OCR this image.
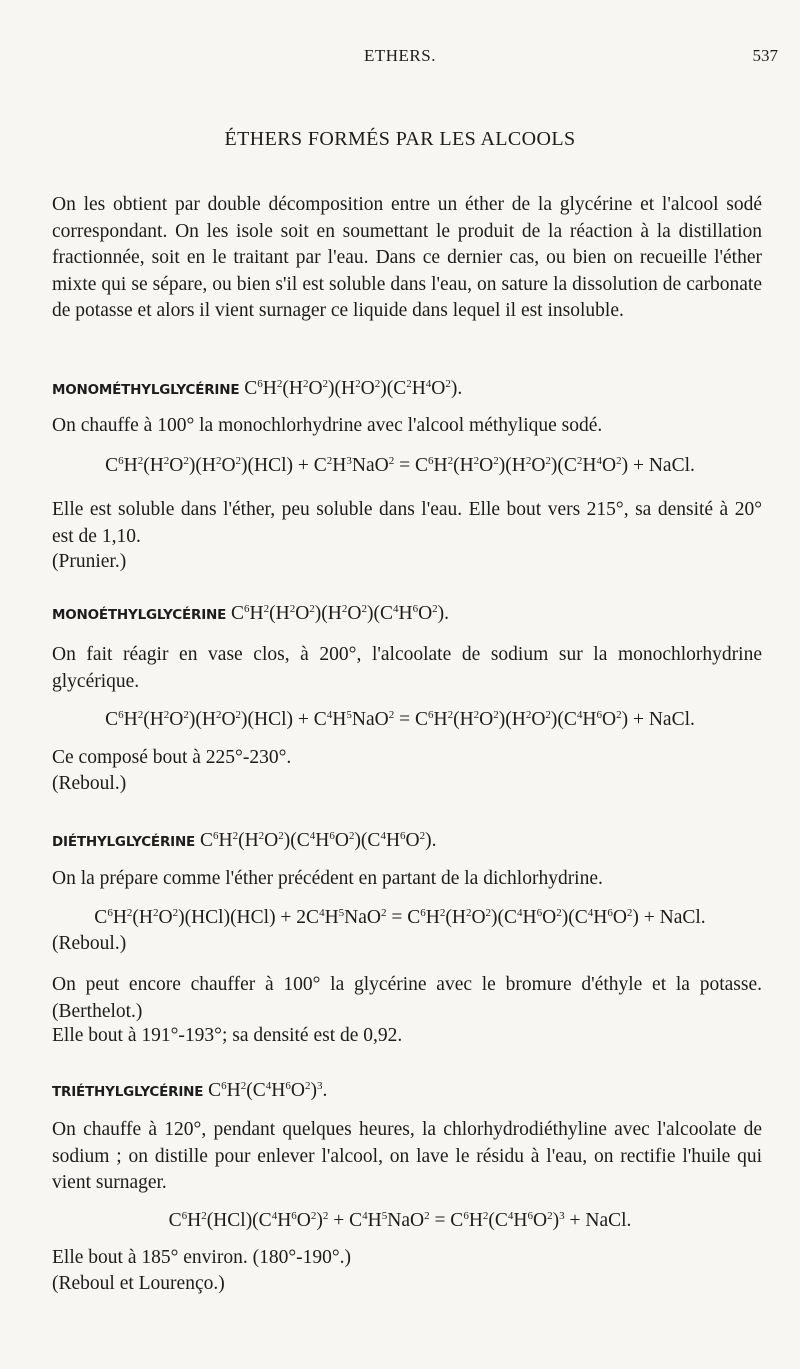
ETHERS.	537
ÉTHERS FORMÉS PAR LES ALCOOLS

On les obtient par double décomposition entre un éther de la glycérine et l'alcool sodé correspondant. On les isole soit en soumettant le produit de la réaction à la distillation fractionnée, soit en le traitant par l'eau. Dans ce dernier cas, ou bien on recueille l'éther mixte qui se sépare, ou bien s'il est soluble dans l'eau, on sature la dissolution de carbonate de potasse et alors il vient surnager ce liquide dans lequel il est insoluble.

MONOMÉTHYLGLYCÉRINE $C^6H^2(H^2O^2)(H^2O^2)(C^2H^4O^2)$.
On chauffe à 100° la monochlorhydrine avec l'alcool méthylique sodé.
$C^6H^2(H^2O^2)(H^2O^2)(HCl) + C^2H^3NaO^2 = C^6H^2(H^2O^2)(H^2O^2)(C^2H^4O^2)$ + NaCl.

Elle est soluble dans l'éther, peu soluble dans l'eau. Elle bout vers 215°, sa densité à 20° est de 1,10.

(Prunier.)
MONOÉTHYLGLYCÉRINE $C^6H^2(H^2O^2)(H^2O^2)(C^4H^6O^2)$.

On fait réagir en vase clos, à 200°, l'alcoolate de sodium sur la monochlorhydrine glycérique.

$C^6H^2(H^2O^2)(H^2O^2)(HCl) + C^4H^5NaO^2 = C^6H^2(H^2O^2)(H^2O^2)(C^4H^6O^2)$ + NaCl.
Ce composé bout à 225°-230°.
(Reboul.)
DIÉTHYLGLYCÉRINE $C^6H^2(H^2O^2)(C^4H^6O^2)(C^4H^6O^2)$.
On la prépare comme l'éther précédent en partant de la dichlorhydrine.
$C^6H^2(H^2O^2)(HCl)(HCl) + 2C^4H^5NaO^2 = C^6H^2(H^2O^2)(C^4H^6O^2)(C^4H^6O^2)$ + NaCl.
(Reboul.)

On peut encore chauffer à 100° la glycérine avec le bromure d'éthyle et la potasse. (Berthelot.)

Elle bout à 191°-193°; sa densité est de 0,92.
TRIÉTHYLGLYCÉRINE $C^6H^2(C^4H^6O^2)^3$.

On chauffe à 120°, pendant quelques heures, la chlorhydrodiéthyline avec l'alcoolate de sodium ; on distille pour enlever l'alcool, on lave le résidu à l'eau, on rectifie l'huile qui vient surnager.

$C^6H^2(HCl)(C^4H^6O^2)^2 + C^4H^5NaO^2 = C^6H^2(C^4H^6O^2)^3$ + NaCl.
Elle bout à 185° environ. (180°-190°.)
(Reboul et Lourenço.)
